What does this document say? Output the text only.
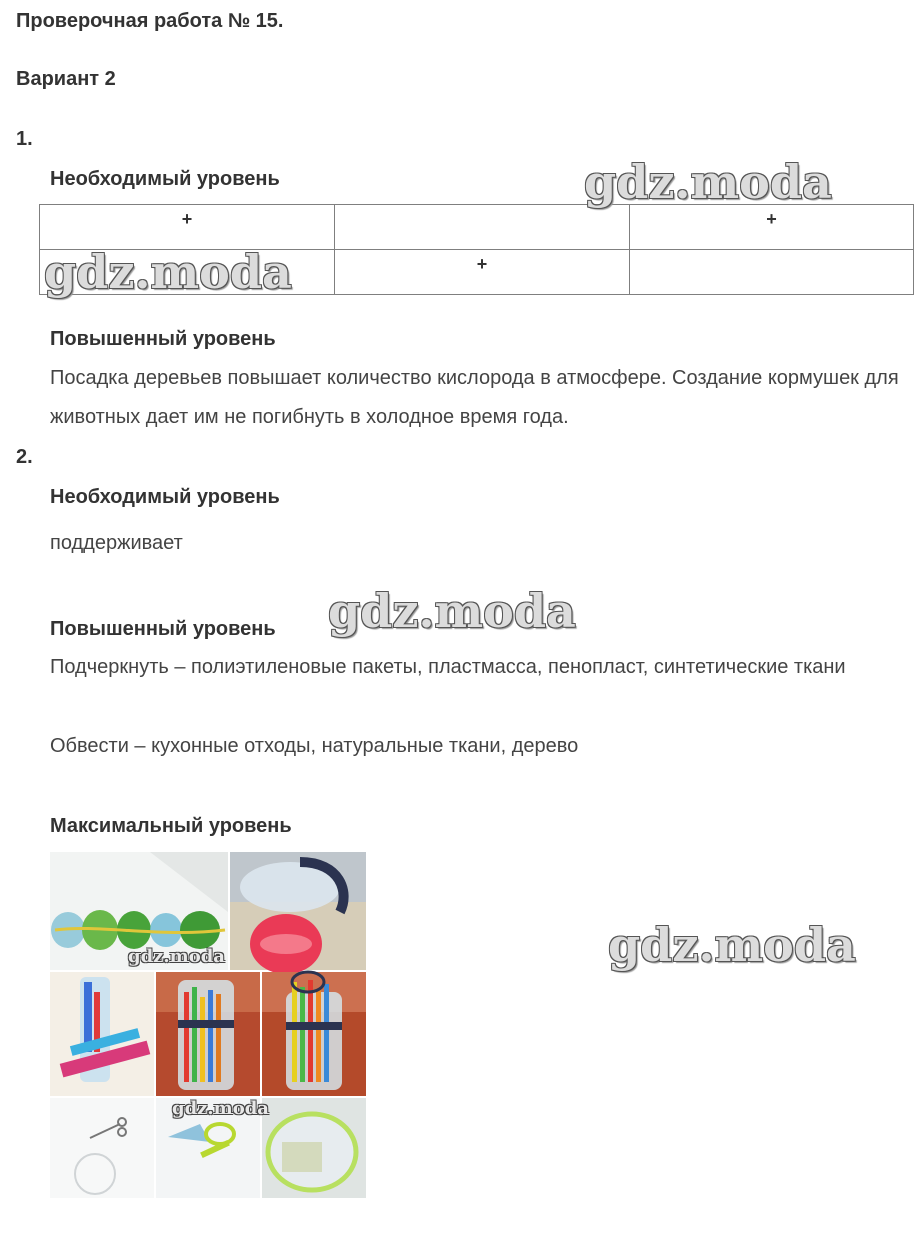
Проверочная работа № 15.
Вариант 2
1.
Необходимый уровень
+		+
	+	
Повышенный уровень
Посадка деревьев повышает количество кислорода в атмосфере. Создание кормушек для животных дает им не погибнуть в холодное время года.
2.
Необходимый уровень
поддерживает
Повышенный уровень
Подчеркнуть – полиэтиленовые пакеты, пластмасса, пенопласт, синтетические ткани
Обвести – кухонные отходы, натуральные ткани, дерево
Максимальный уровень
gdz.moda
gdz.moda
gdz.moda
gdz.moda
gdz.moda
gdz.moda
